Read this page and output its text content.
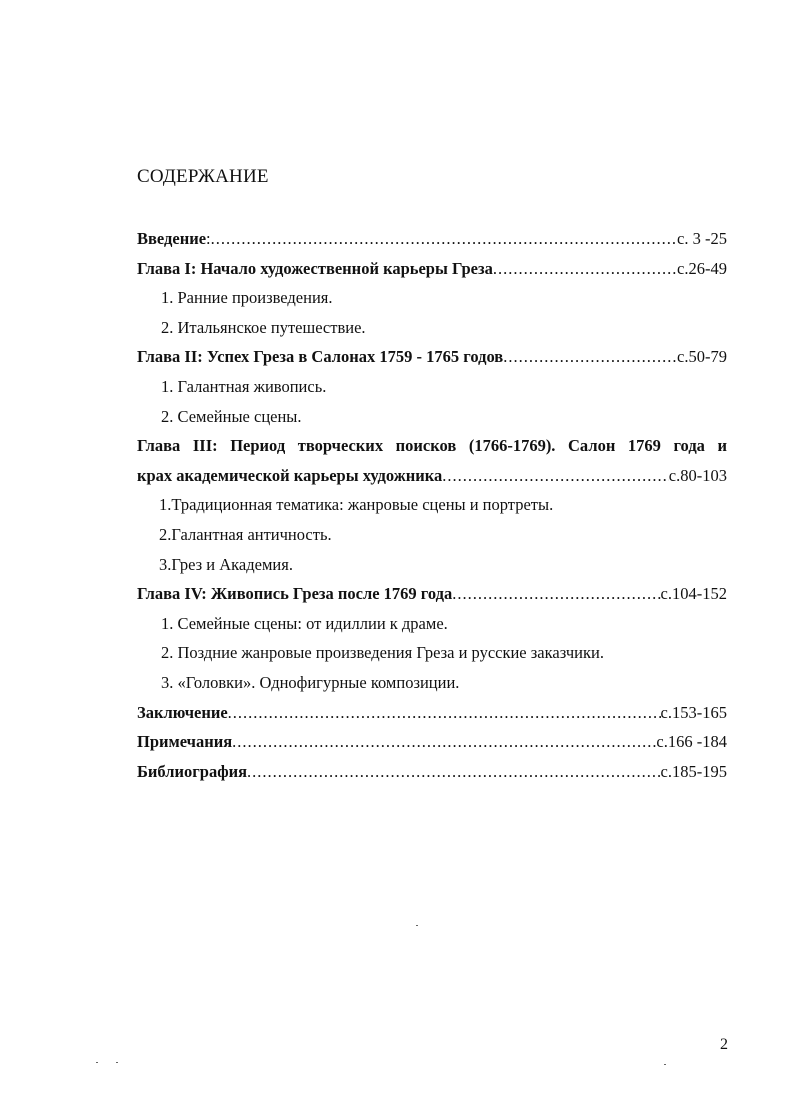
СОДЕРЖАНИЕ
Введение : .....	с. 3 -25
Глава I: Начало художественной карьеры Греза .....	с.26-49
1. Ранние произведения.
2. Итальянское путешествие.
Глава II: Успех Греза в Салонах 1759 - 1765 годов .....	с.50-79
1. Галантная живопись.
2. Семейные сцены.
Глава III: Период творческих поисков (1766-1769). Салон 1769 года и
крах академической карьеры художника .....	с.80-103
1.Традиционная тематика: жанровые сцены и портреты.
2.Галантная античность.
3.Грез и Академия.
Глава IV: Живопись Греза после 1769 года .....	с.104-152
1. Семейные сцены: от идиллии к драме.
2. Поздние жанровые произведения Греза и русские заказчики.
3. «Головки». Однофигурные композиции.
Заключение .....	с.153-165
Примечания .....	с.166 -184
Библиография .....	с.185-195
2
